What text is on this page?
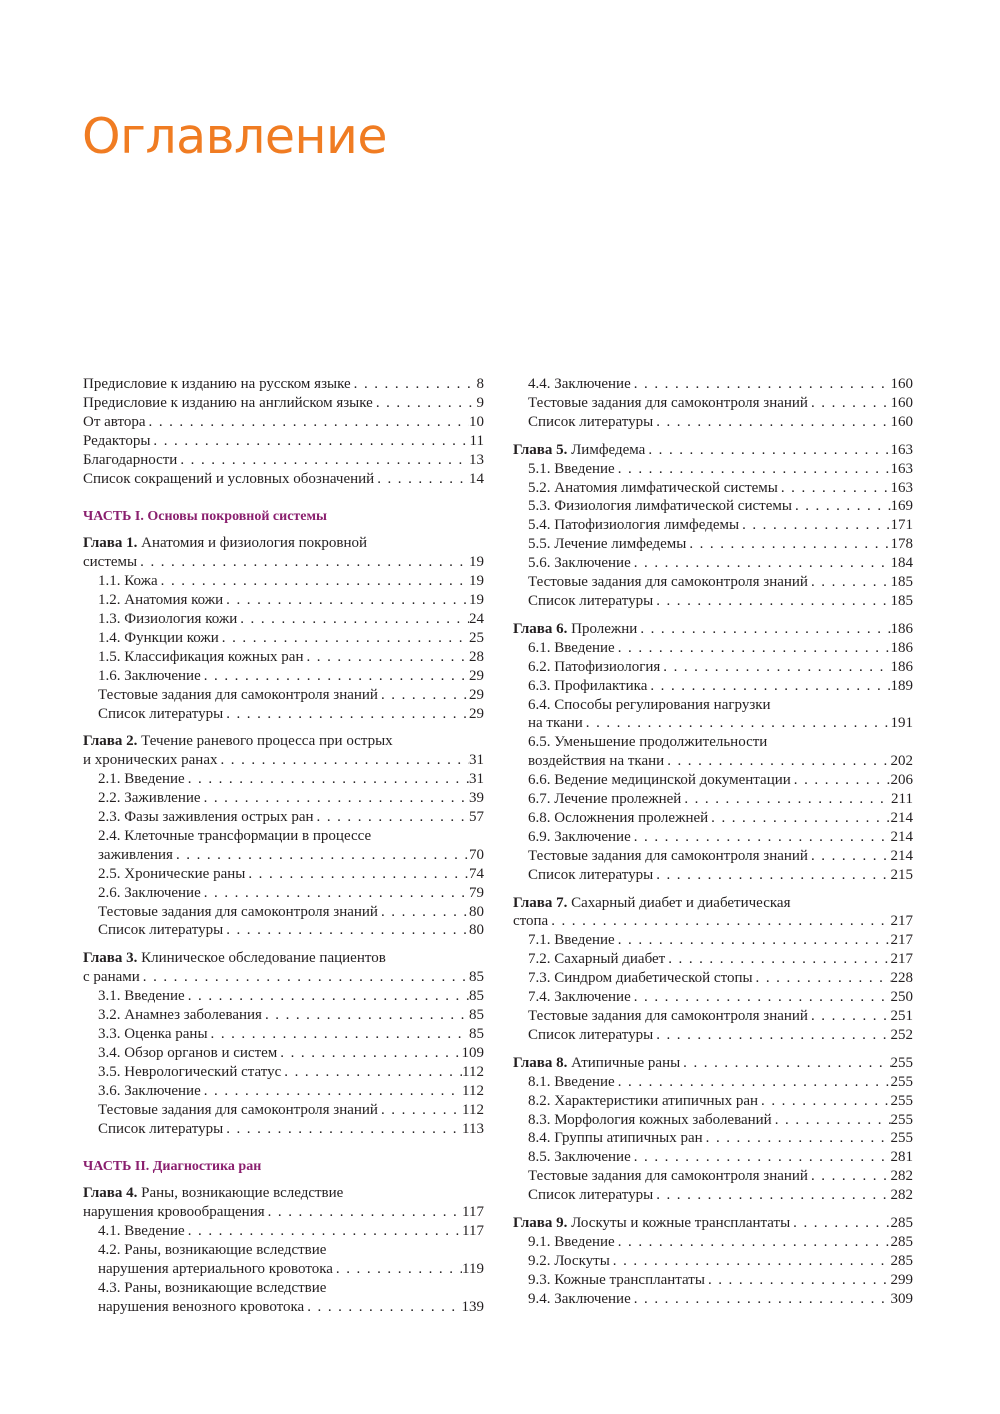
Оглавление
Предисловие к изданию на русском языке . . .	8
Предисловие к изданию на английском языке . . .	9
От автора . . .	10
Редакторы . . .	11
Благодарности . . .	13
Список сокращений и условных обозначений . . .	14
ЧАСТЬ I. Основы покровной системы
Глава 1. Анатомия и физиология покровной
системы . . .	19
1.1. Кожа . . .	19
1.2. Анатомия кожи . . .	19
1.3. Физиология кожи . . .	24
1.4. Функции кожи . . .	25
1.5. Классификация кожных ран . . .	28
1.6. Заключение . . .	29
Тестовые задания для самоконтроля знаний . . .	29
Список литературы . . .	29
Глава 2. Течение раневого процесса при острых
и хронических ранах . . .	31
2.1. Введение . . .	31
2.2. Заживление . . .	39
2.3. Фазы заживления острых ран . . .	57
2.4. Клеточные трансформации в процессе
заживления . . .	70
2.5. Хронические раны . . .	74
2.6. Заключение . . .	79
Тестовые задания для самоконтроля знаний . . .	80
Список литературы . . .	80
Глава 3. Клиническое обследование пациентов
с ранами . . .	85
3.1. Введение . . .	85
3.2. Анамнез заболевания . . .	85
3.3. Оценка раны . . .	85
3.4. Обзор органов и систем . . .	109
3.5. Неврологический статус . . .	112
3.6. Заключение . . .	112
Тестовые задания для самоконтроля знаний . . .	112
Список литературы . . .	113
ЧАСТЬ II. Диагностика ран
Глава 4. Раны, возникающие вследствие
нарушения кровообращения . . .	117
4.1. Введение . . .	117
4.2. Раны, возникающие вследствие
нарушения артериального кровотока . . .	119
4.3. Раны, возникающие вследствие
нарушения венозного кровотока . . .	139
4.4. Заключение . . .	160
Тестовые задания для самоконтроля знаний . . .	160
Список литературы . . .	160
Глава 5. Лимфедема . . .	163
5.1. Введение . . .	163
5.2. Анатомия лимфатической системы . . .	163
5.3. Физиология лимфатической системы . . .	169
5.4. Патофизиология лимфедемы . . .	171
5.5. Лечение лимфедемы . . .	178
5.6. Заключение . . .	184
Тестовые задания для самоконтроля знаний . . .	185
Список литературы . . .	185
Глава 6. Пролежни . . .	186
6.1. Введение . . .	186
6.2. Патофизиология . . .	186
6.3. Профилактика . . .	189
6.4. Способы регулирования нагрузки
на ткани . . .	191
6.5. Уменьшение продолжительности
воздействия на ткани . . .	202
6.6. Ведение медицинской документации . . .	206
6.7. Лечение пролежней . . .	211
6.8. Осложнения пролежней . . .	214
6.9. Заключение . . .	214
Тестовые задания для самоконтроля знаний . . .	214
Список литературы . . .	215
Глава 7. Сахарный диабет и диабетическая
стопа . . .	217
7.1. Введение . . .	217
7.2. Сахарный диабет . . .	217
7.3. Синдром диабетической стопы . . .	228
7.4. Заключение . . .	250
Тестовые задания для самоконтроля знаний . . .	251
Список литературы . . .	252
Глава 8. Атипичные раны . . .	255
8.1. Введение . . .	255
8.2. Характеристики атипичных ран . . .	255
8.3. Морфология кожных заболеваний . . .	255
8.4. Группы атипичных ран . . .	255
8.5. Заключение . . .	281
Тестовые задания для самоконтроля знаний . . .	282
Список литературы . . .	282
Глава 9. Лоскуты и кожные трансплантаты . . .	285
9.1. Введение . . .	285
9.2. Лоскуты . . .	285
9.3. Кожные трансплантаты . . .	299
9.4. Заключение . . .	309
